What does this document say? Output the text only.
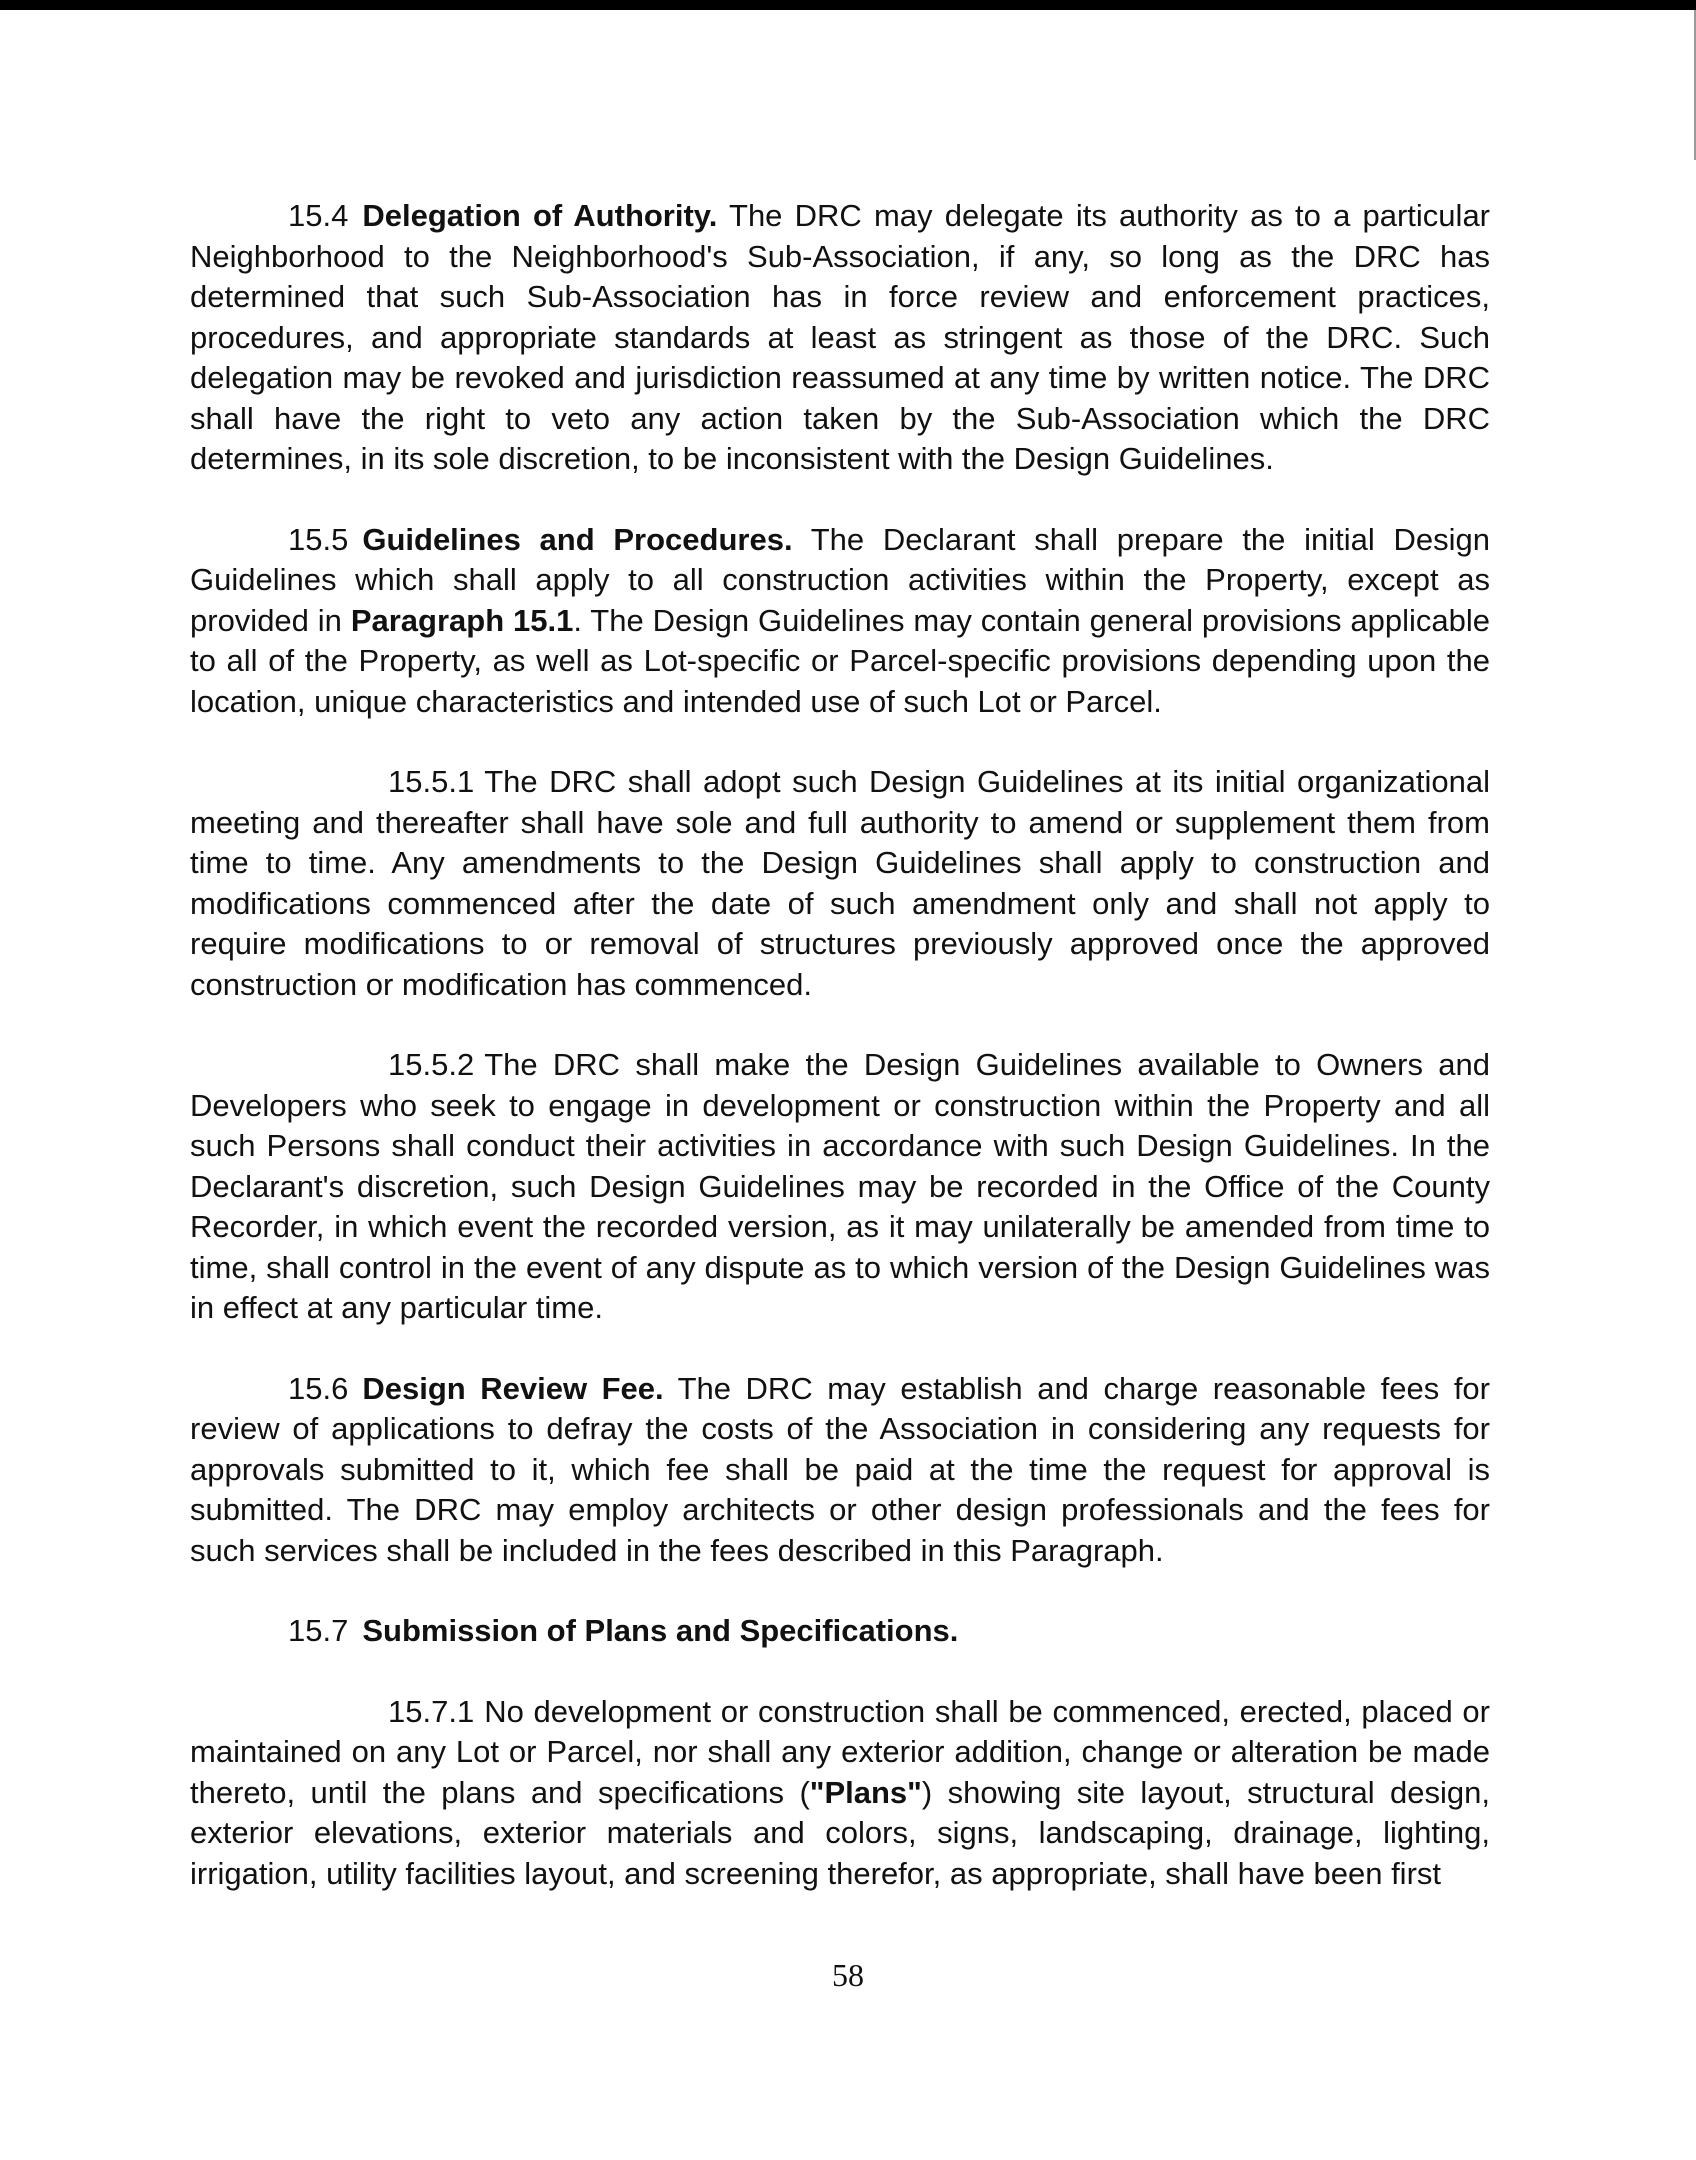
15.4 Delegation of Authority. The DRC may delegate its authority as to a particular Neighborhood to the Neighborhood's Sub-Association, if any, so long as the DRC has determined that such Sub-Association has in force review and enforcement practices, procedures, and appropriate standards at least as stringent as those of the DRC. Such delegation may be revoked and jurisdiction reassumed at any time by written notice. The DRC shall have the right to veto any action taken by the Sub-Association which the DRC determines, in its sole discretion, to be inconsistent with the Design Guidelines.

15.5 Guidelines and Procedures. The Declarant shall prepare the initial Design Guidelines which shall apply to all construction activities within the Property, except as provided in Paragraph 15.1. The Design Guidelines may contain general provisions applicable to all of the Property, as well as Lot-specific or Parcel-specific provisions depending upon the location, unique characteristics and intended use of such Lot or Parcel.

15.5.1 The DRC shall adopt such Design Guidelines at its initial organizational meeting and thereafter shall have sole and full authority to amend or supplement them from time to time. Any amendments to the Design Guidelines shall apply to construction and modifications commenced after the date of such amendment only and shall not apply to require modifications to or removal of structures previously approved once the approved construction or modification has commenced.

15.5.2 The DRC shall make the Design Guidelines available to Owners and Developers who seek to engage in development or construction within the Property and all such Persons shall conduct their activities in accordance with such Design Guidelines. In the Declarant's discretion, such Design Guidelines may be recorded in the Office of the County Recorder, in which event the recorded version, as it may unilaterally be amended from time to time, shall control in the event of any dispute as to which version of the Design Guidelines was in effect at any particular time.

15.6 Design Review Fee. The DRC may establish and charge reasonable fees for review of applications to defray the costs of the Association in considering any requests for approvals submitted to it, which fee shall be paid at the time the request for approval is submitted. The DRC may employ architects or other design professionals and the fees for such services shall be included in the fees described in this Paragraph.

15.7 Submission of Plans and Specifications.

15.7.1 No development or construction shall be commenced, erected, placed or maintained on any Lot or Parcel, nor shall any exterior addition, change or alteration be made thereto, until the plans and specifications ("Plans") showing site layout, structural design, exterior elevations, exterior materials and colors, signs, landscaping, drainage, lighting, irrigation, utility facilities layout, and screening therefor, as appropriate, shall have been first

58
